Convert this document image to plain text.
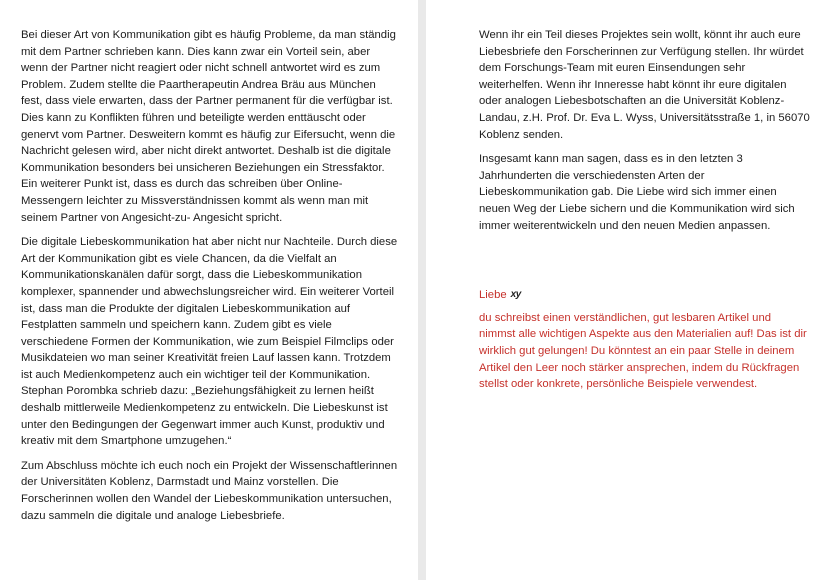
Bei dieser Art von Kommunikation gibt es häufig Probleme, da man ständig mit dem Partner schrieben kann. Dies kann zwar ein Vorteil sein, aber wenn der Partner nicht reagiert oder nicht schnell antwortet wird es zum Problem. Zudem stellte die Paartherapeutin Andrea Bräu aus München fest, dass viele erwarten, dass der Partner permanent für die verfügbar ist. Dies kann zu Konflikten führen und beteiligte werden enttäuscht oder genervt vom Partner. Desweitern kommt es häufig zur Eifersucht, wenn die Nachricht gelesen wird, aber nicht direkt antwortet. Deshalb ist die digitale Kommunikation besonders bei unsicheren Beziehungen ein Stressfaktor. Ein weiterer Punkt ist, dass es durch das schreiben über Online-Messengern leichter zu Missverständnissen kommt als wenn man mit seinem Partner von Angesicht-zu- Angesicht spricht.

Die digitale Liebeskommunikation hat aber nicht nur Nachteile. Durch diese Art der Kommunikation gibt es viele Chancen, da die Vielfalt an Kommunikationskanälen dafür sorgt, dass die Liebeskommunikation komplexer, spannender und abwechslungsreicher wird. Ein weiterer Vorteil ist, dass man die Produkte der digitalen Liebeskommunikation auf Festplatten sammeln und speichern kann. Zudem gibt es viele verschiedene Formen der Kommunikation, wie zum Beispiel Filmclips oder Musikdateien wo man seiner Kreativität freien Lauf lassen kann. Trotzdem ist auch Medienkompetenz auch ein wichtiger teil der Kommunikation. Stephan Porombka schrieb dazu: „Beziehungsfähigkeit zu lernen heißt deshalb mittlerweile Medienkompetenz zu entwickeln. Die Liebeskunst ist unter den Bedingungen der Gegenwart immer auch Kunst, produktiv und kreativ mit dem Smartphone umzugehen.“

Zum Abschluss möchte ich euch noch ein Projekt der Wissenschaftlerinnen der Universitäten Koblenz, Darmstadt und Mainz vorstellen. Die Forscherinnen wollen den Wandel der Liebeskommunikation untersuchen, dazu sammeln die digitale und analoge Liebesbriefe.

Wenn ihr ein Teil dieses Projektes sein wollt, könnt ihr auch eure Liebesbriefe den Forscherinnen zur Verfügung stellen. Ihr würdet dem Forschungs-Team mit euren Einsendungen sehr weiterhelfen. Wenn ihr Inneresse habt könnt ihr eure digitalen oder analogen Liebesbotschaften an die Universität Koblenz-Landau, z.H. Prof. Dr. Eva L. Wyss, Universitätsstraße 1, in 56070 Koblenz senden.

Insgesamt kann man sagen, dass es in den letzten 3 Jahrhunderten die verschiedensten Arten der Liebeskommunikation gab. Die Liebe wird sich immer einen neuen Weg der Liebe sichern und die Kommunikation wird sich immer weiterentwickeln und den neuen Medien anpassen.

Liebe xy

du schreibst einen verständlichen, gut lesbaren Artikel und nimmst alle wichtigen Aspekte aus den Materialien auf! Das ist dir wirklich gut gelungen! Du könntest an ein paar Stelle in deinem Artikel den Leer noch stärker ansprechen, indem du Rückfragen stellst oder konkrete, persönliche Beispiele verwendest.
